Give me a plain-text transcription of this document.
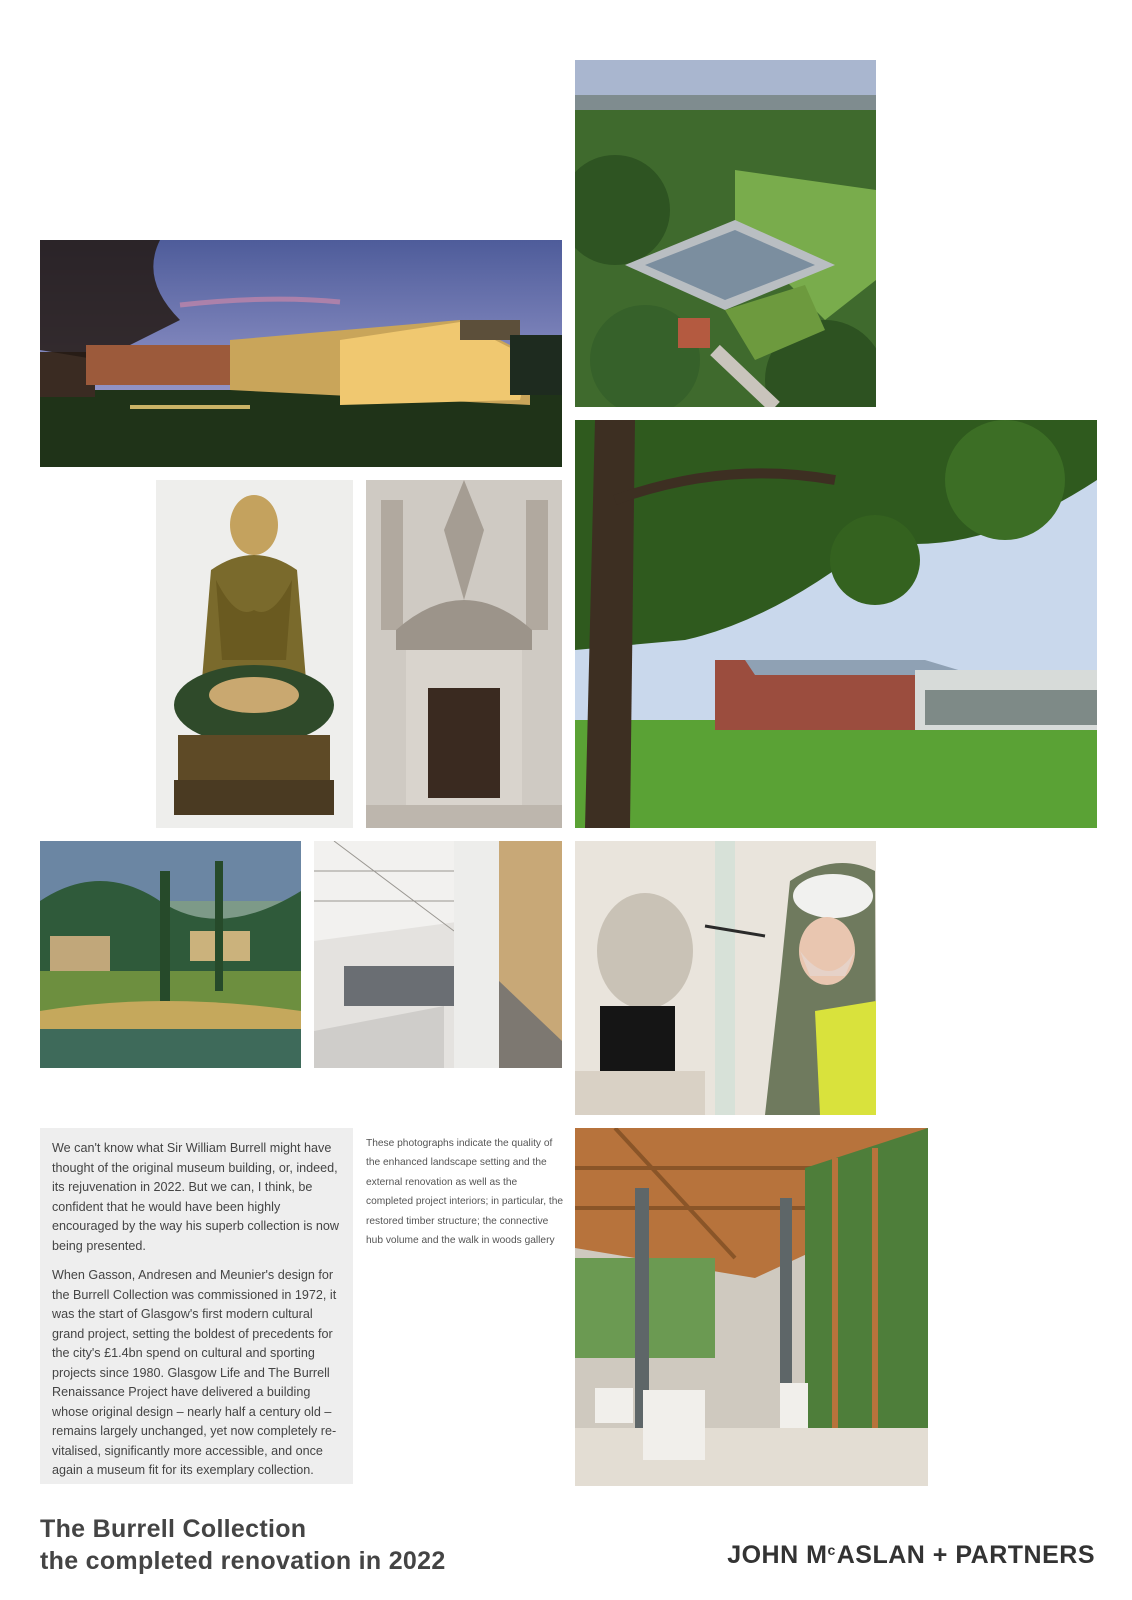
We can't know what Sir William Burrell might have thought of the original museum building, or, indeed, its rejuvenation in 2022. But we can, I think, be confident that he would have been highly encouraged by the way his superb collection is now being presented.

When Gasson, Andresen and Meunier's design for the Burrell Collection was commissioned in 1972, it was the start of Glasgow's first modern cultural grand project, setting the boldest of precedents for the city's £1.4bn spend on cultural and sporting projects since 1980. Glasgow Life and The Burrell Renaissance Project have delivered a building whose original design – nearly half a century old – remains largely unchanged, yet now completely re-vitalised, significantly more accessible, and once again a museum fit for its exemplary collection.

These photographs indicate the quality of the enhanced landscape setting and the external renovation as well as the completed project interiors; in particular, the restored timber structure; the connective hub volume and the walk in woods gallery
The Burrell Collection
the completed renovation in 2022	JOHN $M^cASLAN$ + PARTNERS
